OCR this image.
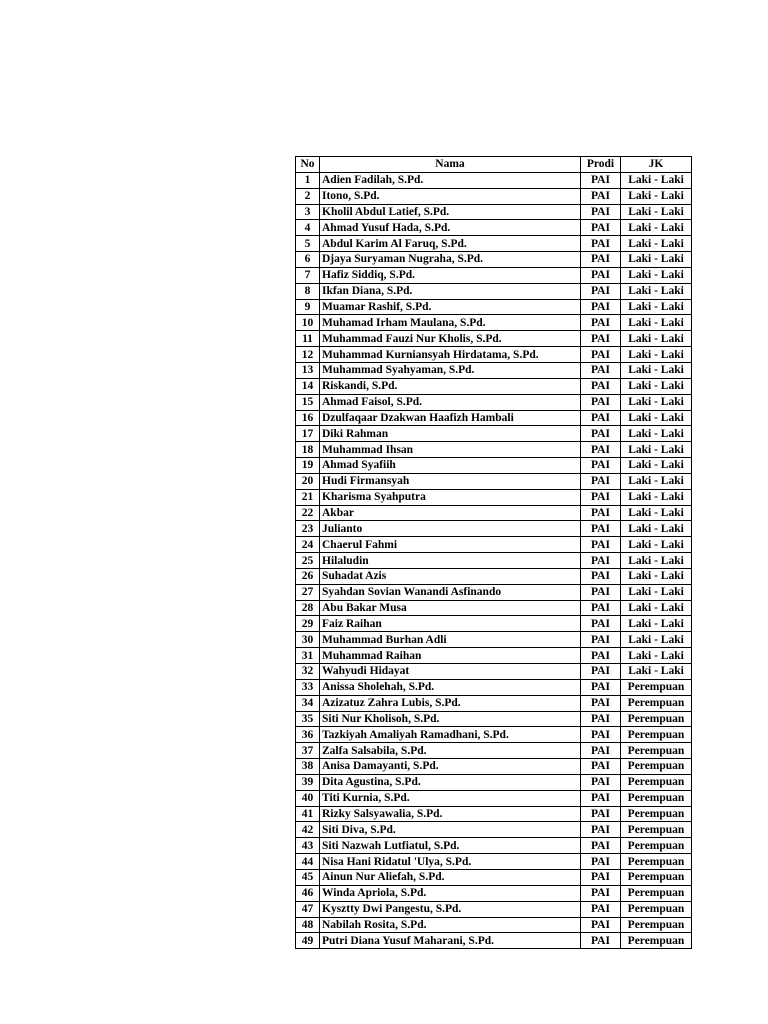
No	Nama	Prodi	JK
1	Adien Fadilah, S.Pd.	PAI	Laki - Laki
2	Itono, S.Pd.	PAI	Laki - Laki
3	Kholil Abdul Latief, S.Pd.	PAI	Laki - Laki
4	Ahmad Yusuf Hada, S.Pd.	PAI	Laki - Laki
5	Abdul Karim Al Faruq, S.Pd.	PAI	Laki - Laki
6	Djaya Suryaman Nugraha, S.Pd.	PAI	Laki - Laki
7	Hafiz Siddiq, S.Pd.	PAI	Laki - Laki
8	Ikfan Diana, S.Pd.	PAI	Laki - Laki
9	Muamar Rashif, S.Pd.	PAI	Laki - Laki
10	Muhamad Irham Maulana, S.Pd.	PAI	Laki - Laki
11	Muhammad Fauzi Nur Kholis, S.Pd.	PAI	Laki - Laki
12	Muhammad Kurniansyah Hirdatama, S.Pd.	PAI	Laki - Laki
13	Muhammad Syahyaman, S.Pd.	PAI	Laki - Laki
14	Riskandi, S.Pd.	PAI	Laki - Laki
15	Ahmad Faisol, S.Pd.	PAI	Laki - Laki
16	Dzulfaqaar Dzakwan Haafizh Hambali	PAI	Laki - Laki
17	Diki Rahman	PAI	Laki - Laki
18	Muhammad Ihsan	PAI	Laki - Laki
19	Ahmad Syafiih	PAI	Laki - Laki
20	Hudi Firmansyah	PAI	Laki - Laki
21	Kharisma Syahputra	PAI	Laki - Laki
22	Akbar	PAI	Laki - Laki
23	Julianto	PAI	Laki - Laki
24	Chaerul Fahmi	PAI	Laki - Laki
25	Hilaludin	PAI	Laki - Laki
26	Suhadat Azis	PAI	Laki - Laki
27	Syahdan Sovian Wanandi Asfinando	PAI	Laki - Laki
28	Abu Bakar Musa	PAI	Laki - Laki
29	Faiz Raihan	PAI	Laki - Laki
30	Muhammad Burhan Adli	PAI	Laki - Laki
31	Muhammad Raihan	PAI	Laki - Laki
32	Wahyudi Hidayat	PAI	Laki - Laki
33	Anissa Sholehah, S.Pd.	PAI	Perempuan
34	Azizatuz Zahra Lubis, S.Pd.	PAI	Perempuan
35	Siti Nur Kholisoh, S.Pd.	PAI	Perempuan
36	Tazkiyah Amaliyah Ramadhani, S.Pd.	PAI	Perempuan
37	Zalfa Salsabila, S.Pd.	PAI	Perempuan
38	Anisa Damayanti, S.Pd.	PAI	Perempuan
39	Dita Agustina, S.Pd.	PAI	Perempuan
40	Titi Kurnia, S.Pd.	PAI	Perempuan
41	Rizky Salsyawalia, S.Pd.	PAI	Perempuan
42	Siti Diva, S.Pd.	PAI	Perempuan
43	Siti Nazwah Lutfiatul, S.Pd.	PAI	Perempuan
44	Nisa Hani Ridatul 'Ulya, S.Pd.	PAI	Perempuan
45	Ainun Nur Aliefah, S.Pd.	PAI	Perempuan
46	Winda Apriola, S.Pd.	PAI	Perempuan
47	Kysztty Dwi Pangestu, S.Pd.	PAI	Perempuan
48	Nabilah Rosita, S.Pd.	PAI	Perempuan
49	Putri Diana Yusuf Maharani, S.Pd.	PAI	Perempuan
